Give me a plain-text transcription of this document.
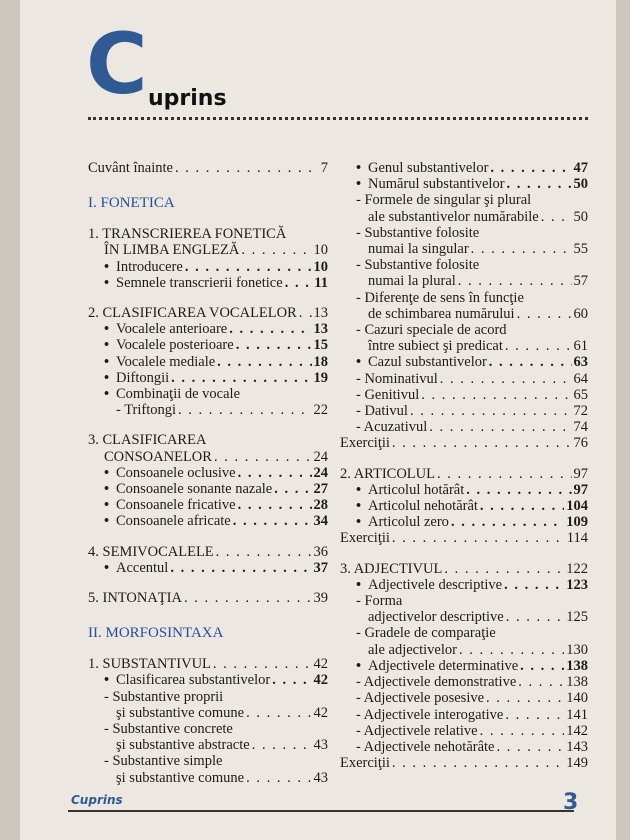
C uprins
Cuvânt înainte . . .	7
I. FONETICA
1. TRANSCRIEREA FONETICĂ
ÎN LIMBA ENGLEZĂ . . .	10
• Introducere . . .	10
• Semnele transcrierii fonetice . . . 11
2. CLASIFICAREA VOCALELOR . . . 13
• Vocalele anterioare . . .	13
• Vocalele posterioare . . .	15
• Vocalele mediale . . .	18
• Diftongii . . .	19
• Combinaţii de vocale
- Triftongi . . .	22
3. CLASIFICAREA
CONSOANELOR . . .	24
• Consoanele oclusive . . .	24
• Consoanele sonante nazale . . .	27
• Consoanele fricative . . .	28
• Consoanele africate . . .	34
4. SEMIVOCALELE . . .	36
• Accentul . . .	37
5. INTONAŢIA . . .	39
II. MORFOSINTAXA
1. SUBSTANTIVUL . . .	42
• Clasificarea substantivelor . . .	42
- Substantive proprii
şi substantive comune . . .	42
- Substantive concrete
şi substantive abstracte . . .	43
- Substantive simple
şi substantive comune . . .	43
• Genul substantivelor . . .	47
• Numărul substantivelor . . .	50
- Formele de singular şi plural
ale substantivelor numărabile . . . 50
- Substantive folosite
numai la singular . . .	55
- Substantive folosite
numai la plural . . .	57
- Diferenţe de sens în funcţie
de schimbarea numărului . . .	60
- Cazuri speciale de acord
între subiect şi predicat . . .	61
• Cazul substantivelor . . .	63
- Nominativul . . .	64
- Genitivul . . .	65
- Dativul . . .	72
- Acuzativul . . .	74
Exerciţii . . .	76
2. ARTICOLUL . . .	97
• Articolul hotărât . . .	97
• Articolul nehotărât . . .	104
• Articolul zero . . .	109
Exerciţii . . .	114
3. ADJECTIVUL . . .	122
• Adjectivele descriptive . . .	123
- Forma
adjectivelor descriptive . . .	125
- Gradele de comparaţie
ale adjectivelor . . .	130
• Adjectivele determinative . . .	138
- Adjectivele demonstrative . . .	138
- Adjectivele posesive . . .	140
- Adjectivele interogative . . .	141
- Adjectivele relative . . .	142
- Adjectivele nehotărâte . . .	143
Exerciţii . . .	149
Cuprins	3
